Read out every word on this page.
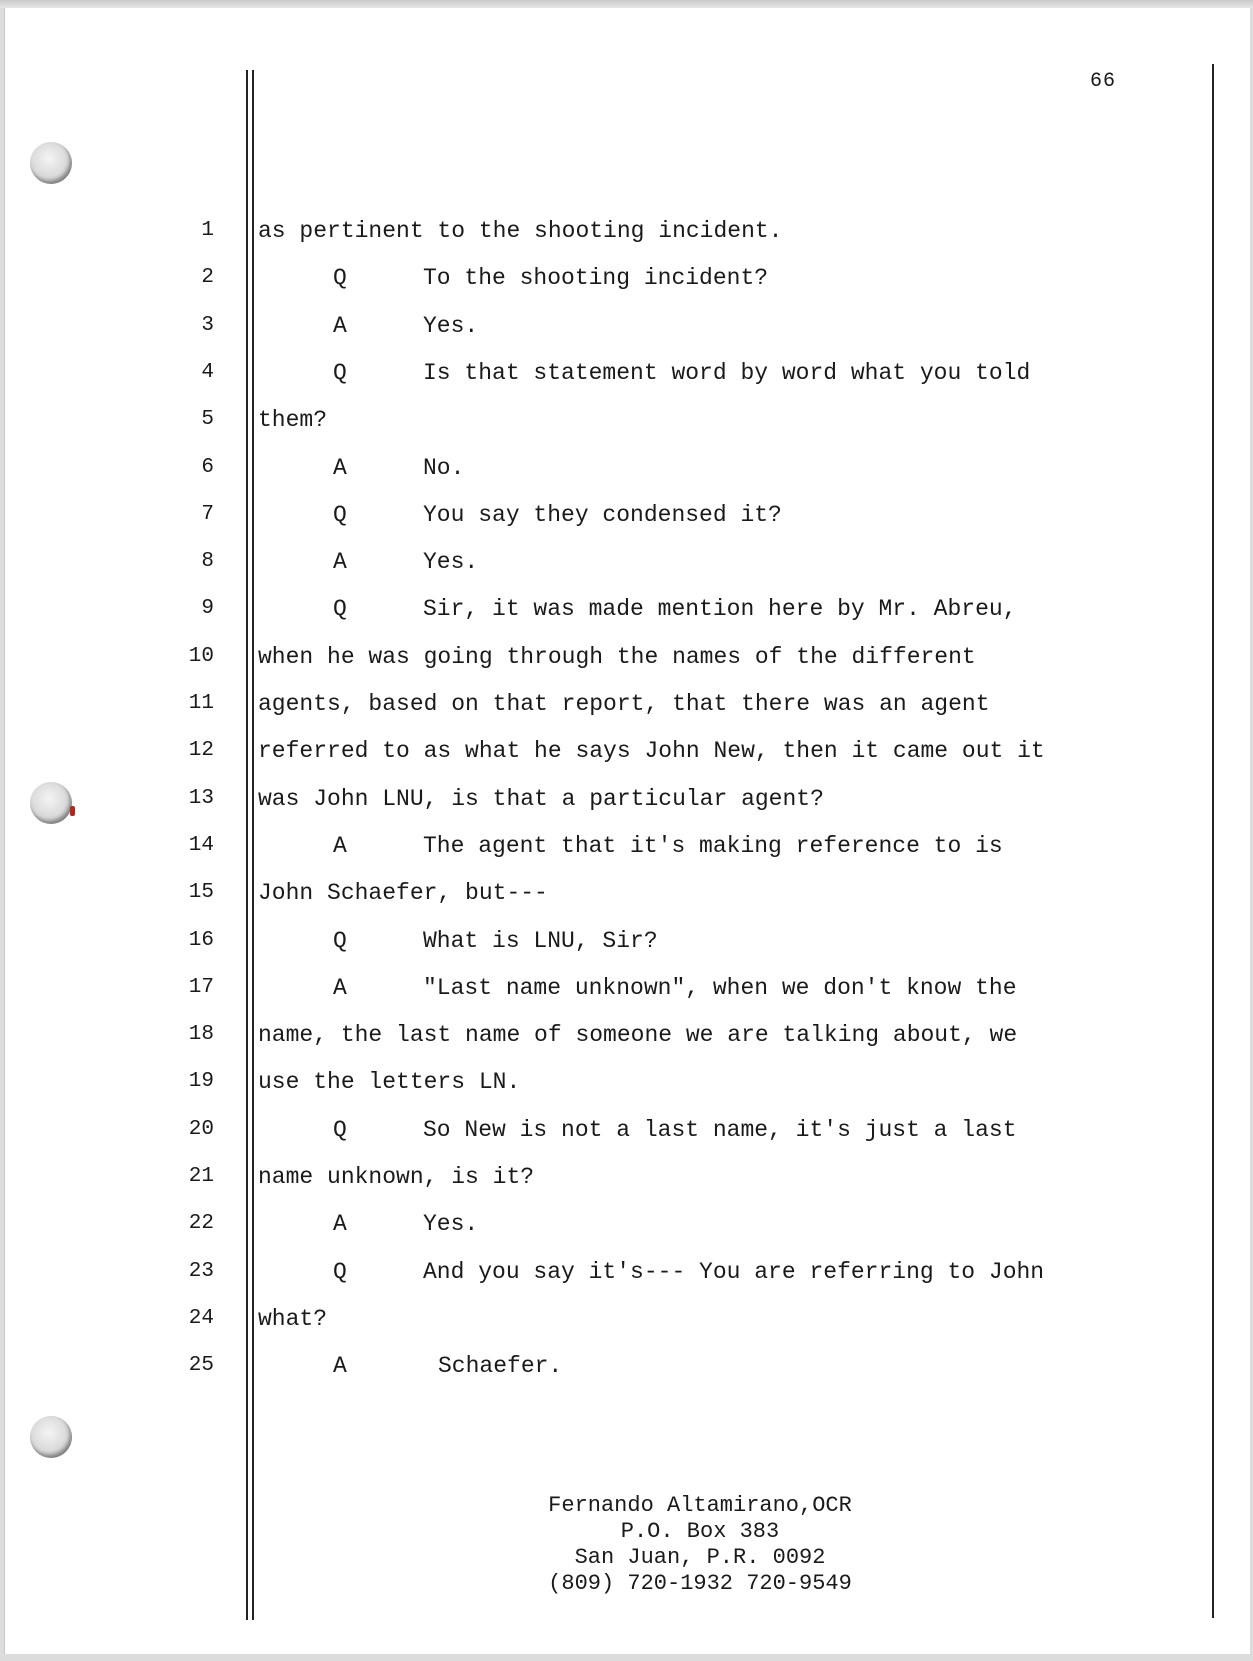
66
1 as pertinent to the shooting incident.
2	Q	To the shooting incident?
3	A	Yes.
4	Q	Is that statement word by word what you told
5 them?
6	A	No.
7	Q	You say they condensed it?
8	A	Yes.
9	Q	Sir, it was made mention here by Mr. Abreu,
10 when he was going through the names of the different
11 agents, based on that report, that there was an agent
12 referred to as what he says John New, then it came out it
13 was John LNU, is that a particular agent?
14	A	The agent that it's making reference to is
15 John Schaefer, but---
16	Q	What is LNU, Sir?
17	A	"Last name unknown", when we don't know the
18 name, the last name of someone we are talking about, we
19 use the letters LN.
20	Q	So New is not a last name, it's just a last
21 name unknown, is it?
22	A	Yes.
23	Q	And you say it's--- You are referring to John
24 what?
25	A	Schaefer.
Fernando Altamirano,OCR
P.O. Box 383
San Juan, P.R. 0092
(809) 720-1932 720-9549
